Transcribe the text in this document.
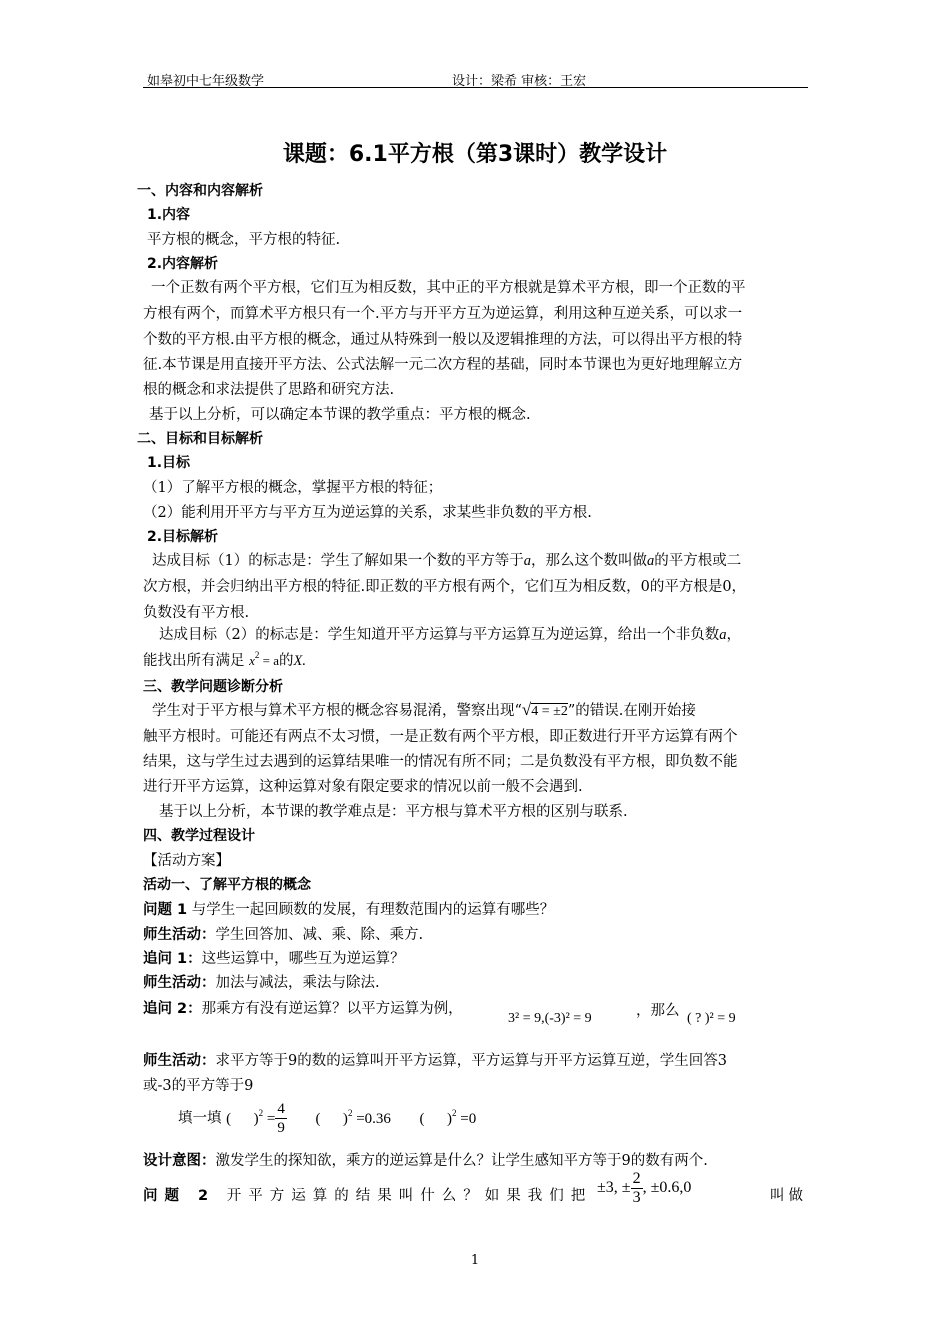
如皋初中七年级数学	设计：梁希 审核：王宏
课题：6.1平方根（第3课时）教学设计
一、内容和内容解析
1.内容
平方根的概念，平方根的特征.
2.内容解析
一个正数有两个平方根，它们互为相反数，其中正的平方根就是算术平方根，即一个正数的平
方根有两个，而算术平方根只有一个.平方与开平方互为逆运算，利用这种互逆关系，可以求一
个数的平方根.由平方根的概念，通过从特殊到一般以及逻辑推理的方法，可以得出平方根的特
征.本节课是用直接开平方法、公式法解一元二次方程的基础，同时本节课也为更好地理解立方
根的概念和求法提供了思路和研究方法.
基于以上分析，可以确定本节课的教学重点：平方根的概念.
二、目标和目标解析
1.目标
（1）了解平方根的概念，掌握平方根的特征；
（2）能利用开平方与平方互为逆运算的关系，求某些非负数的平方根.
2.目标解析
达成目标（1）的标志是：学生了解如果一个数的平方等于a，那么这个数叫做a的平方根或二
次方根，并会归纳出平方根的特征.即正数的平方根有两个，它们互为相反数，0的平方根是0，
负数没有平方根.
达成目标（2）的标志是：学生知道开平方运算与平方运算互为逆运算，给出一个非负数a，
能找出所有满足 $x^2 = a$的X.
三、教学问题诊断分析
学生对于平方根与算术平方根的概念容易混淆，警察出现“√4 = ±2”的错误.在刚开始接
触平方根时。可能还有两点不太习惯，一是正数有两个平方根，即正数进行开平方运算有两个
结果，这与学生过去遇到的运算结果唯一的情况有所不同；二是负数没有平方根，即负数不能
进行开平方运算，这种运算对象有限定要求的情况以前一般不会遇到.
基于以上分析，本节课的教学难点是：平方根与算术平方根的区别与联系.
四、教学过程设计
【活动方案】
活动一、了解平方根的概念
问题 1 与学生一起回顾数的发展，有理数范围内的运算有哪些？
师生活动：学生回答加、减、乘、除、乘方.
追问 1：这些运算中，哪些互为逆运算？
师生活动：加法与减法，乘法与除法.
追问 2：那乘方有没有逆运算？以平方运算为例，
3² = 9,(-3)² = 9	，那么 ( ? )² = 9
师生活动：求平方等于9的数的运算叫开平方运算，平方运算与开平方运算互逆，学生回答3
或-3的平方等于9
填一填 (      )$^2 = \frac{4}{9}$ (      )$^2$ =0.36 (      )$^2$ =0
设计意图：激发学生的探知欲，乘方的逆运算是什么？让学生感知平方等于9的数有两个.
问题 2 开平方运算的结果叫什么？如果我们把 ±3, ± $\frac{2}{3}$ , ±0.6,0	叫做
1
